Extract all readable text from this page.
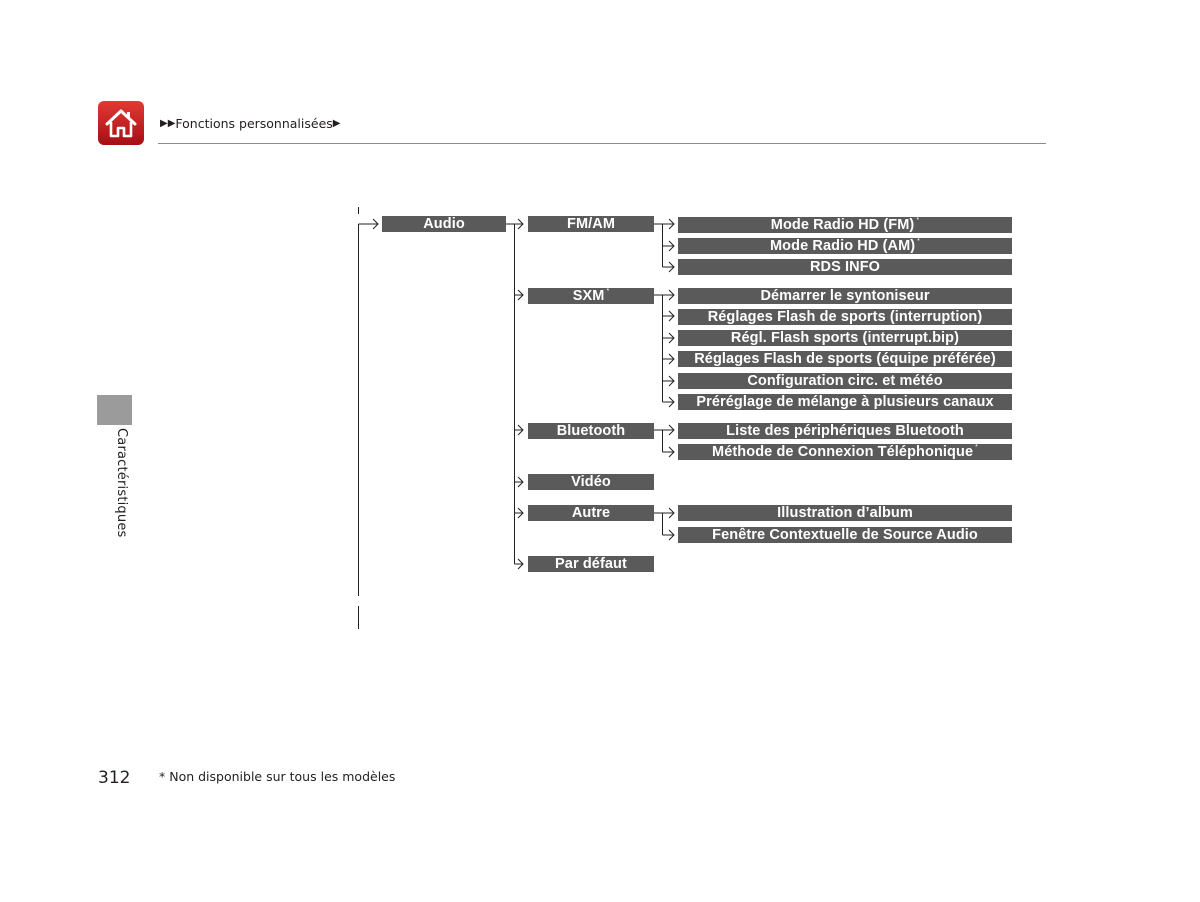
▶▶ Fonctions personnalisées ▶
Caractéristiques
Audio	FM/AM
SXM *
Bluetooth
Vidéo
Autre
Par défaut
Mode Radio HD (FM) *
Mode Radio HD (AM) *
RDS INFO
Démarrer le syntoniseur
Réglages Flash de sports (interruption)
Régl. Flash sports (interrupt.bip)
Réglages Flash de sports (équipe préférée)
Configuration circ. et météo
Préréglage de mélange à plusieurs canaux
Liste des périphériques Bluetooth
Méthode de Connexion Téléphonique *
Illustration d’album
Fenêtre Contextuelle de Source Audio
312 * Non disponible sur tous les modèles
